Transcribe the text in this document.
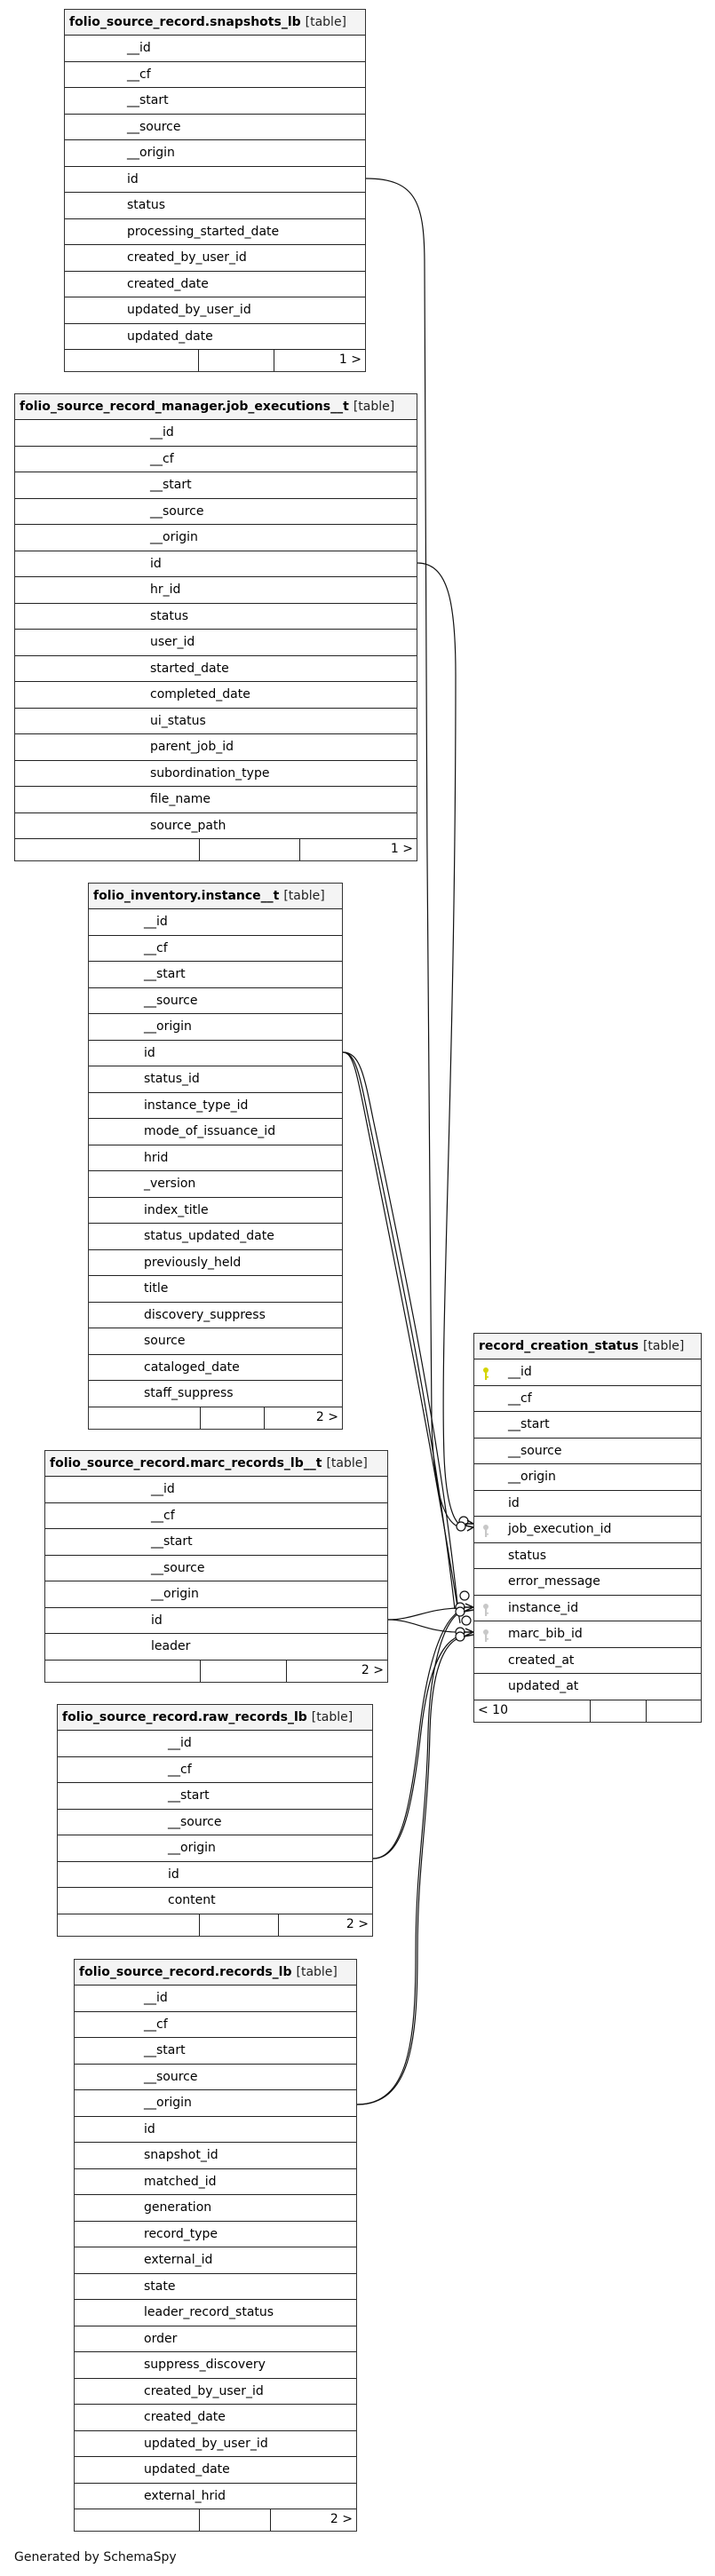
folio_source_record.snapshots_lb [table]
__id
__cf
__start
__source
__origin
id
status
processing_started_date
created_by_user_id
created_date
updated_by_user_id
updated_date
1 >
folio_source_record_manager.job_executions__t [table]
__id
__cf
__start
__source
__origin
id
hr_id
status
user_id
started_date
completed_date
ui_status
parent_job_id
subordination_type
file_name
source_path
1 >
folio_inventory.instance__t [table]
__id
__cf
__start
__source
__origin
id
status_id
instance_type_id
mode_of_issuance_id
hrid
_version
index_title
status_updated_date
previously_held
title
discovery_suppress
source
cataloged_date
staff_suppress
2 >
folio_source_record.marc_records_lb__t [table]
__id
__cf
__start
__source
__origin
id
leader
2 >
folio_source_record.raw_records_lb [table]
__id
__cf
__start
__source
__origin
id
content
2 >
folio_source_record.records_lb [table]
__id
__cf
__start
__source
__origin
id
snapshot_id
matched_id
generation
record_type
external_id
state
leader_record_status
order
suppress_discovery
created_by_user_id
created_date
updated_by_user_id
updated_date
external_hrid
2 >
record_creation_status [table]
__id
__cf
__start
__source
__origin
id
job_execution_id
status
error_message
instance_id
marc_bib_id
created_at
updated_at
< 10
Generated by SchemaSpy
